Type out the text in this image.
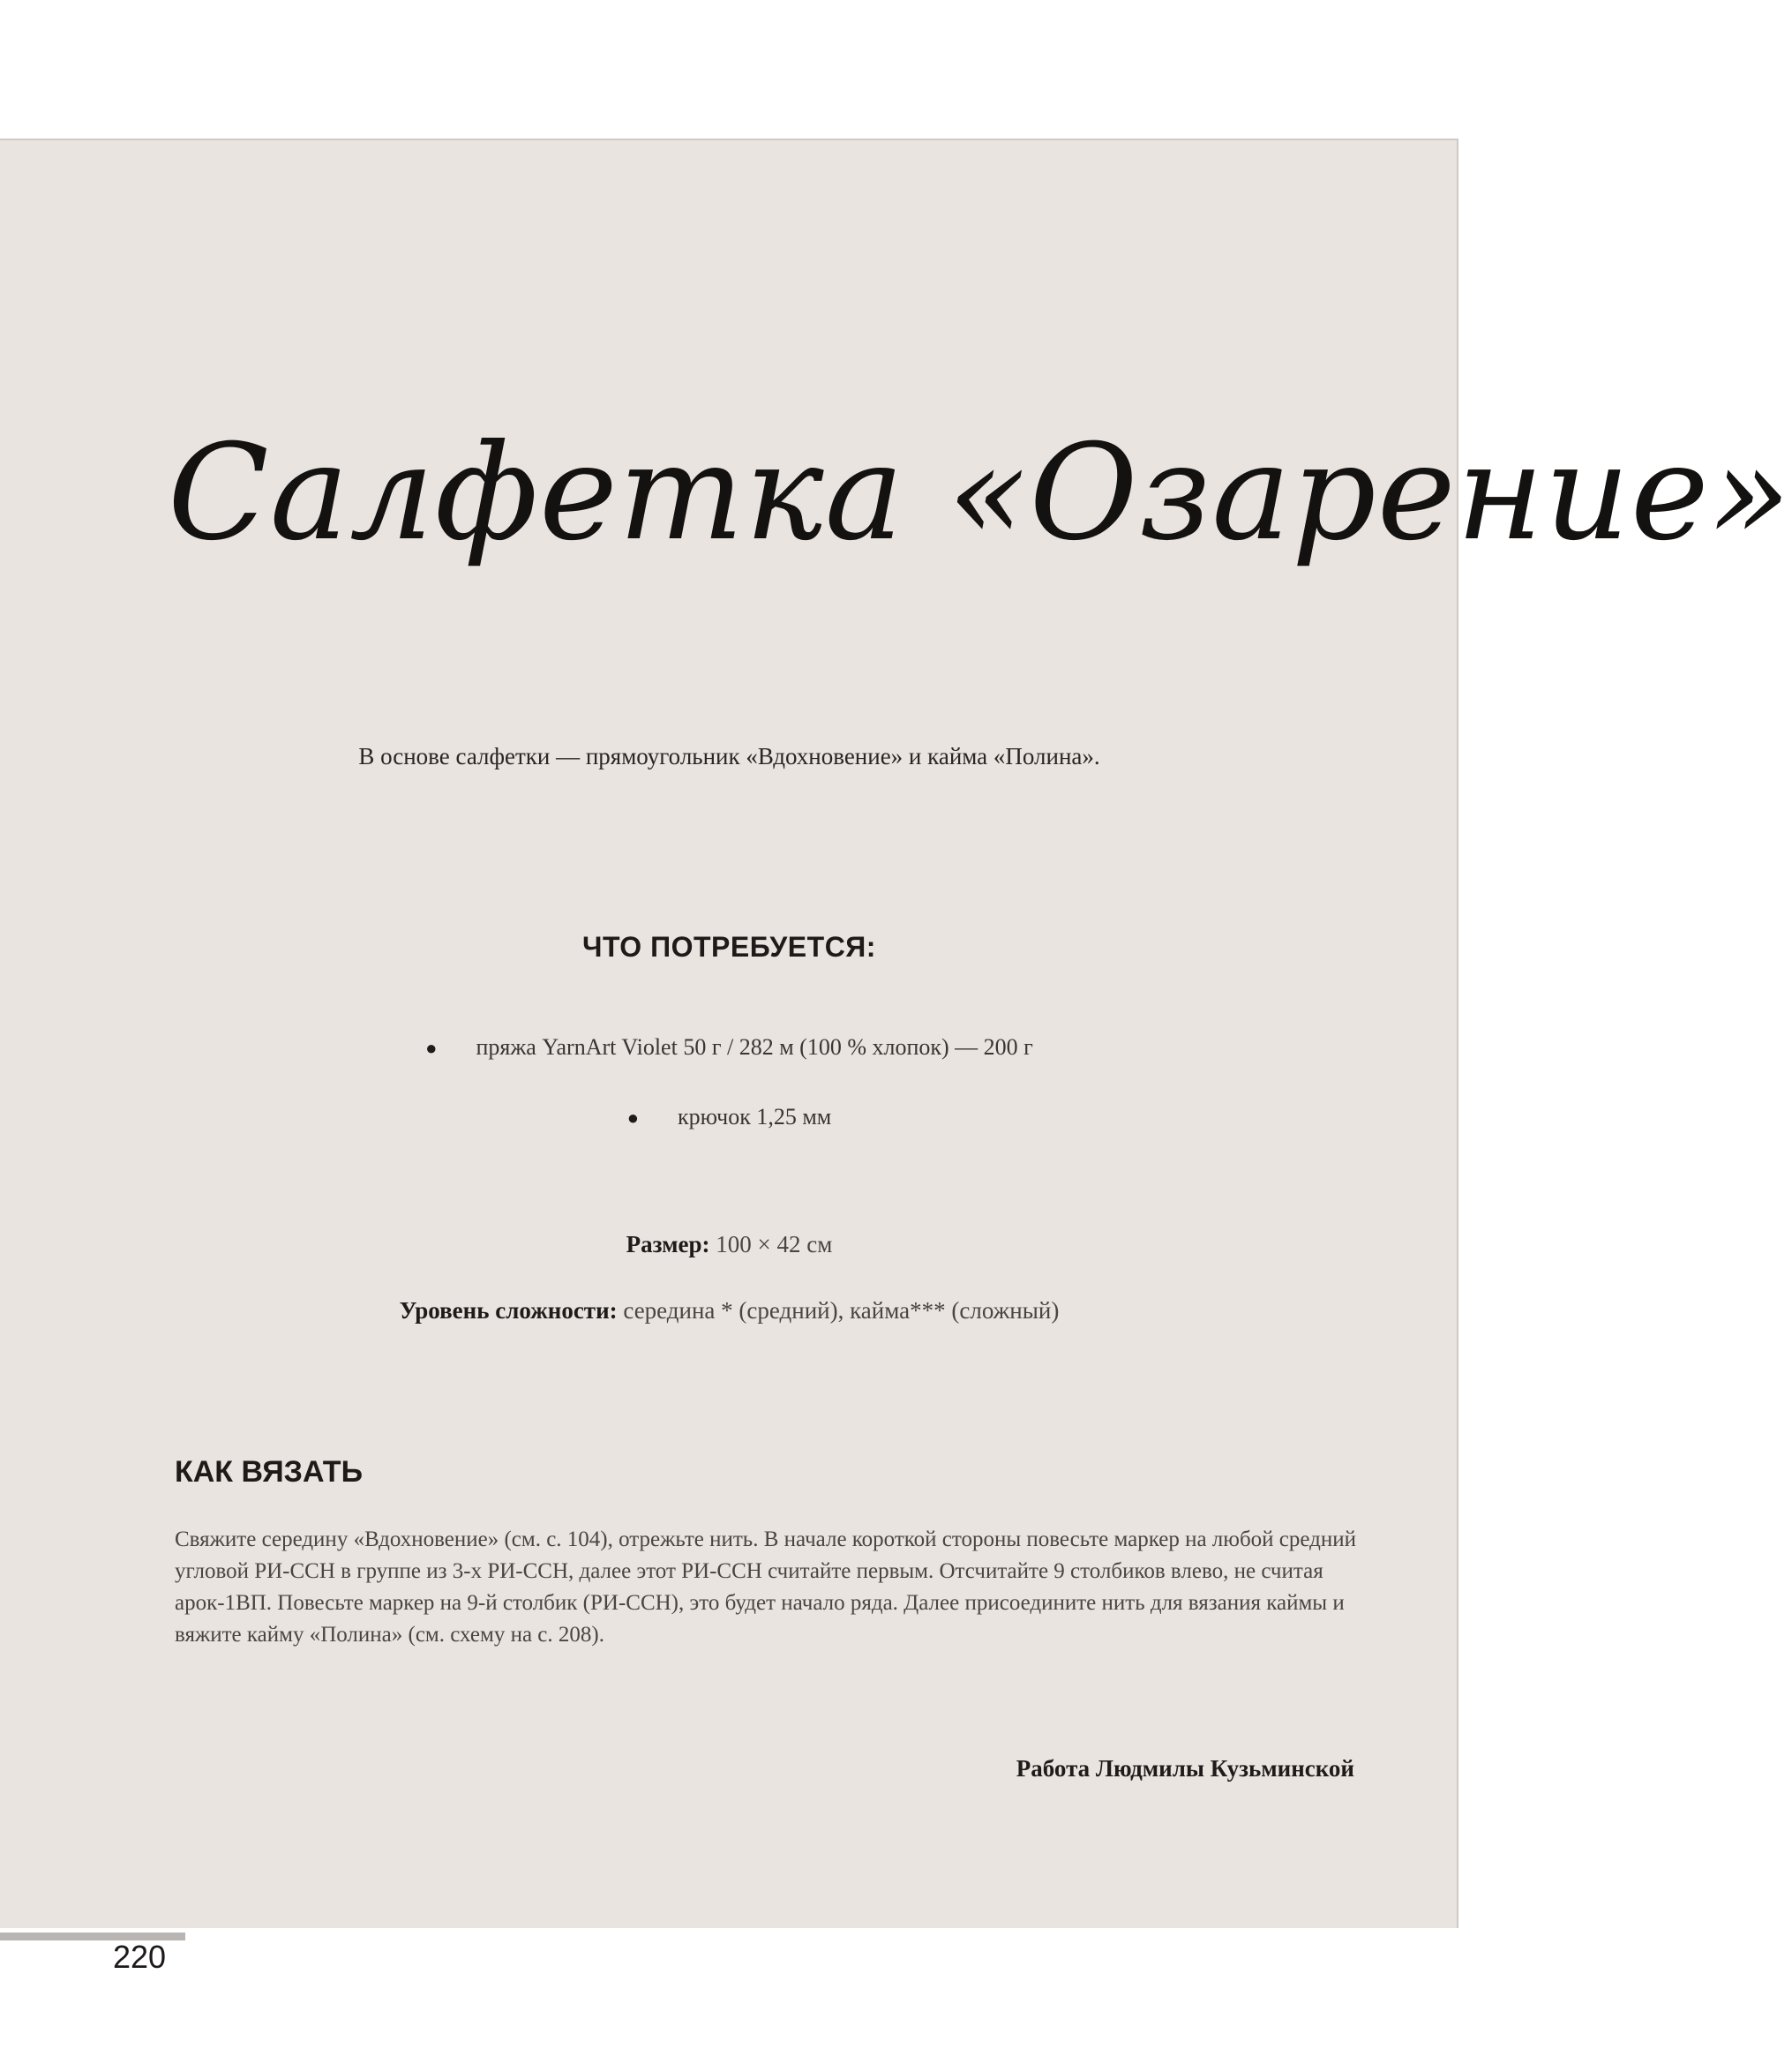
Салфетка «Озарение»
В основе салфетки — прямоугольник «Вдохновение» и кайма «Полина».
ЧТО ПОТРЕБУЕТСЯ:
● пряжа YarnArt Violet 50 г / 282 м (100 % хлопок) — 200 г
● крючок 1,25 мм
Размер: 100 × 42 см
Уровень сложности: середина * (средний), кайма*** (сложный)
КАК ВЯЗАТЬ

Свяжите середину «Вдохновение» (см. с. 104), отрежьте нить. В начале короткой стороны повесьте маркер на любой средний угловой РИ-ССН в группе из 3-х РИ-ССН, далее этот РИ-ССН считайте первым. Отсчитайте 9 столбиков влево, не считая арок-1ВП. Повесьте маркер на 9-й столбик (РИ-ССН), это будет начало ряда. Далее присоедините нить для вязания каймы и вяжите кайму «Полина» (см. схему на с. 208).

Работа Людмилы Кузьминской
220
